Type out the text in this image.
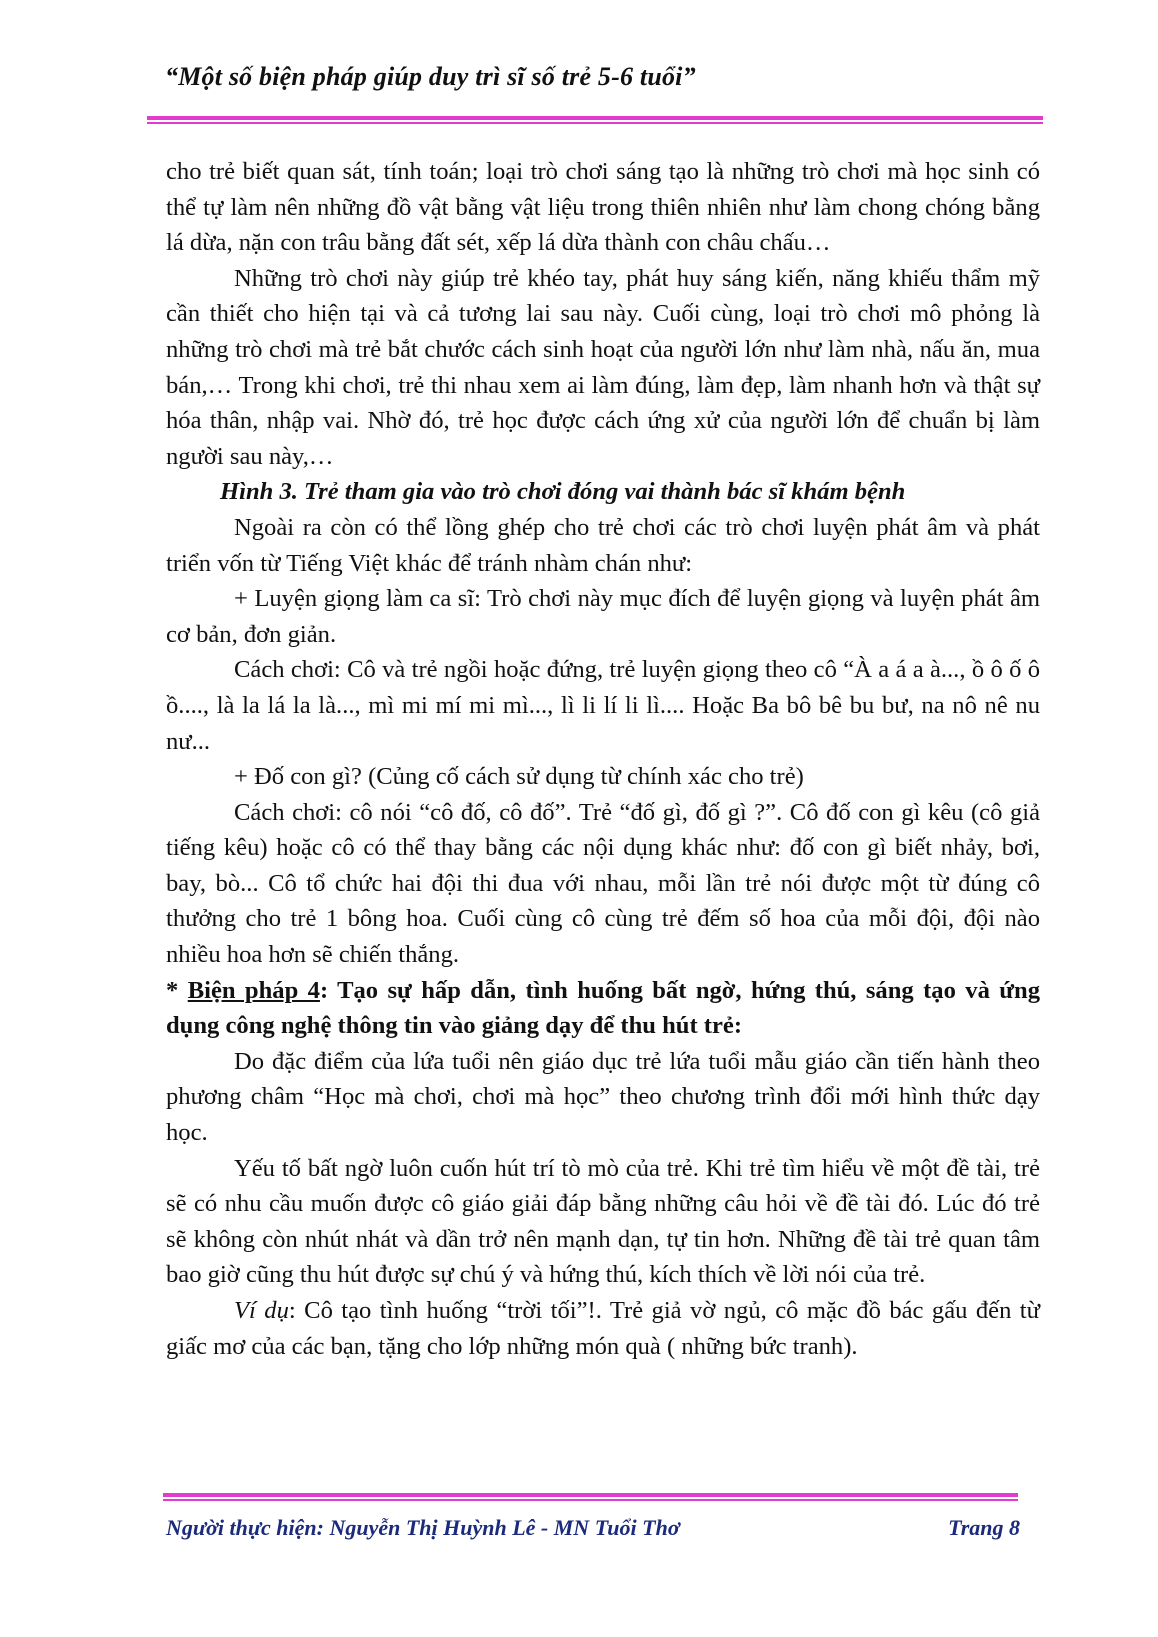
“Một số biện pháp giúp duy trì sĩ số trẻ 5-6 tuổi”

cho trẻ biết quan sát, tính toán; loại trò chơi sáng tạo là những trò chơi mà học sinh có thể tự làm nên những đồ vật bằng vật liệu trong thiên nhiên như làm chong chóng bằng lá dừa, nặn con trâu bằng đất sét, xếp lá dừa thành con châu chấu…

Những trò chơi này giúp trẻ khéo tay, phát huy sáng kiến, năng khiếu thẩm mỹ cần thiết cho hiện tại và cả tương lai sau này. Cuối cùng, loại trò chơi mô phỏng là những trò chơi mà trẻ bắt chước cách sinh hoạt của người lớn như làm nhà, nấu ăn, mua bán,… Trong khi chơi, trẻ thi nhau xem ai làm đúng, làm đẹp, làm nhanh hơn và thật sự hóa thân, nhập vai. Nhờ đó, trẻ học được cách ứng xử của người lớn để chuẩn bị làm người sau này,…

Hình 3. Trẻ tham gia vào trò chơi đóng vai thành bác sĩ khám bệnh

Ngoài ra còn có thể lồng ghép cho trẻ chơi các trò chơi luyện phát âm và phát triển vốn từ Tiếng Việt khác để tránh nhàm chán như:

+ Luyện giọng làm ca sĩ: Trò chơi này mục đích để luyện giọng và luyện phát âm cơ bản, đơn giản.

Cách chơi: Cô và trẻ ngồi hoặc đứng, trẻ luyện giọng theo cô “À a á a à..., ồ ô ố ô ồ...., là la lá la là..., mì mi mí mi mì..., lì li lí li lì.... Hoặc Ba bô bê bu bư, na nô nê nu nư...

+ Đố con gì? (Củng cố cách sử dụng từ chính xác cho trẻ)

Cách chơi: cô nói “cô đố, cô đố”. Trẻ “đố gì, đố gì ?”. Cô đố con gì kêu (cô giả tiếng kêu) hoặc cô có thể thay bằng các nội dụng khác như: đố con gì biết nhảy, bơi, bay, bò... Cô tổ chức hai đội thi đua với nhau, mỗi lần trẻ nói được một từ đúng cô thưởng cho trẻ 1 bông hoa. Cuối cùng cô cùng trẻ đếm số hoa của mỗi đội, đội nào nhiều hoa hơn sẽ chiến thắng.

* Biện pháp 4: Tạo sự hấp dẫn, tình huống bất ngờ, hứng thú, sáng tạo và ứng dụng công nghệ thông tin vào giảng dạy để thu hút trẻ:

Do đặc điểm của lứa tuổi nên giáo dục trẻ lứa tuổi mẫu giáo cần tiến hành theo phương châm “Học mà chơi, chơi mà học” theo chương trình đổi mới hình thức dạy học.

Yếu tố bất ngờ luôn cuốn hút trí tò mò của trẻ. Khi trẻ tìm hiểu về một đề tài, trẻ sẽ có nhu cầu muốn được cô giáo giải đáp bằng những câu hỏi về đề tài đó. Lúc đó trẻ sẽ không còn nhút nhát và dần trở nên mạnh dạn, tự tin hơn. Những đề tài trẻ quan tâm bao giờ cũng thu hút được sự chú ý và hứng thú, kích thích về lời nói của trẻ.

Ví dụ: Cô tạo tình huống “trời tối”!. Trẻ giả vờ ngủ, cô mặc đồ bác gấu đến từ giấc mơ của các bạn, tặng cho lớp những món quà ( những bức tranh).

Người thực hiện: Nguyễn Thị Huỳnh Lê - MN Tuổi Thơ	Trang 8
